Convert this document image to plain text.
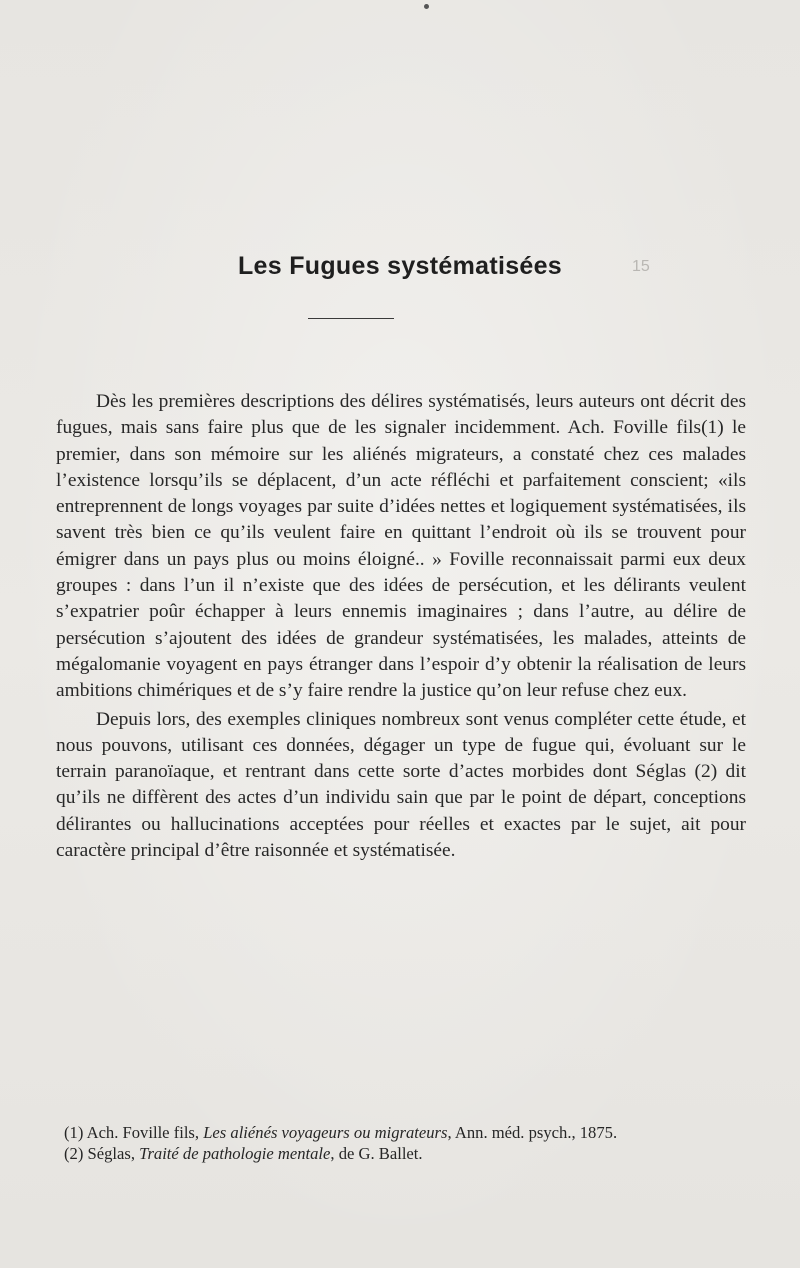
Les Fugues systématisées	15

Dès les premières descriptions des délires systématisés, leurs auteurs ont décrit des fugues, mais sans faire plus que de les signaler incidemment. Ach. Foville fils(1) le premier, dans son mémoire sur les aliénés migrateurs, a constaté chez ces malades l’existence lorsqu’ils se déplacent, d’un acte réfléchi et parfaitement conscient; «ils entreprennent de longs voyages par suite d’idées nettes et logiquement systématisées, ils savent très bien ce qu’ils veulent faire en quittant l’endroit où ils se trouvent pour émigrer dans un pays plus ou moins éloigné.. » Foville reconnaissait parmi eux deux groupes : dans l’un il n’existe que des idées de persécution, et les délirants veulent s’expatrier poûr échapper à leurs ennemis imaginaires ; dans l’autre, au délire de persécution s’ajoutent des idées de grandeur systématisées, les malades, atteints de mégalomanie voyagent en pays étranger dans l’espoir d’y obtenir la réalisation de leurs ambitions chimériques et de s’y faire rendre la justice qu’on leur refuse chez eux.

Depuis lors, des exemples cliniques nombreux sont venus compléter cette étude, et nous pouvons, utilisant ces données, dégager un type de fugue qui, évoluant sur le terrain paranoïaque, et rentrant dans cette sorte d’actes morbides dont Séglas (2) dit qu’ils ne diffèrent des actes d’un individu sain que par le point de départ, conceptions délirantes ou hallucinations acceptées pour réelles et exactes par le sujet, ait pour caractère principal d’être raisonnée et systématisée.

(1) Ach. Foville fils, Les aliénés voyageurs ou migrateurs, Ann. méd. psych., 1875.

(2) Séglas, Traité de pathologie mentale, de G. Ballet.
